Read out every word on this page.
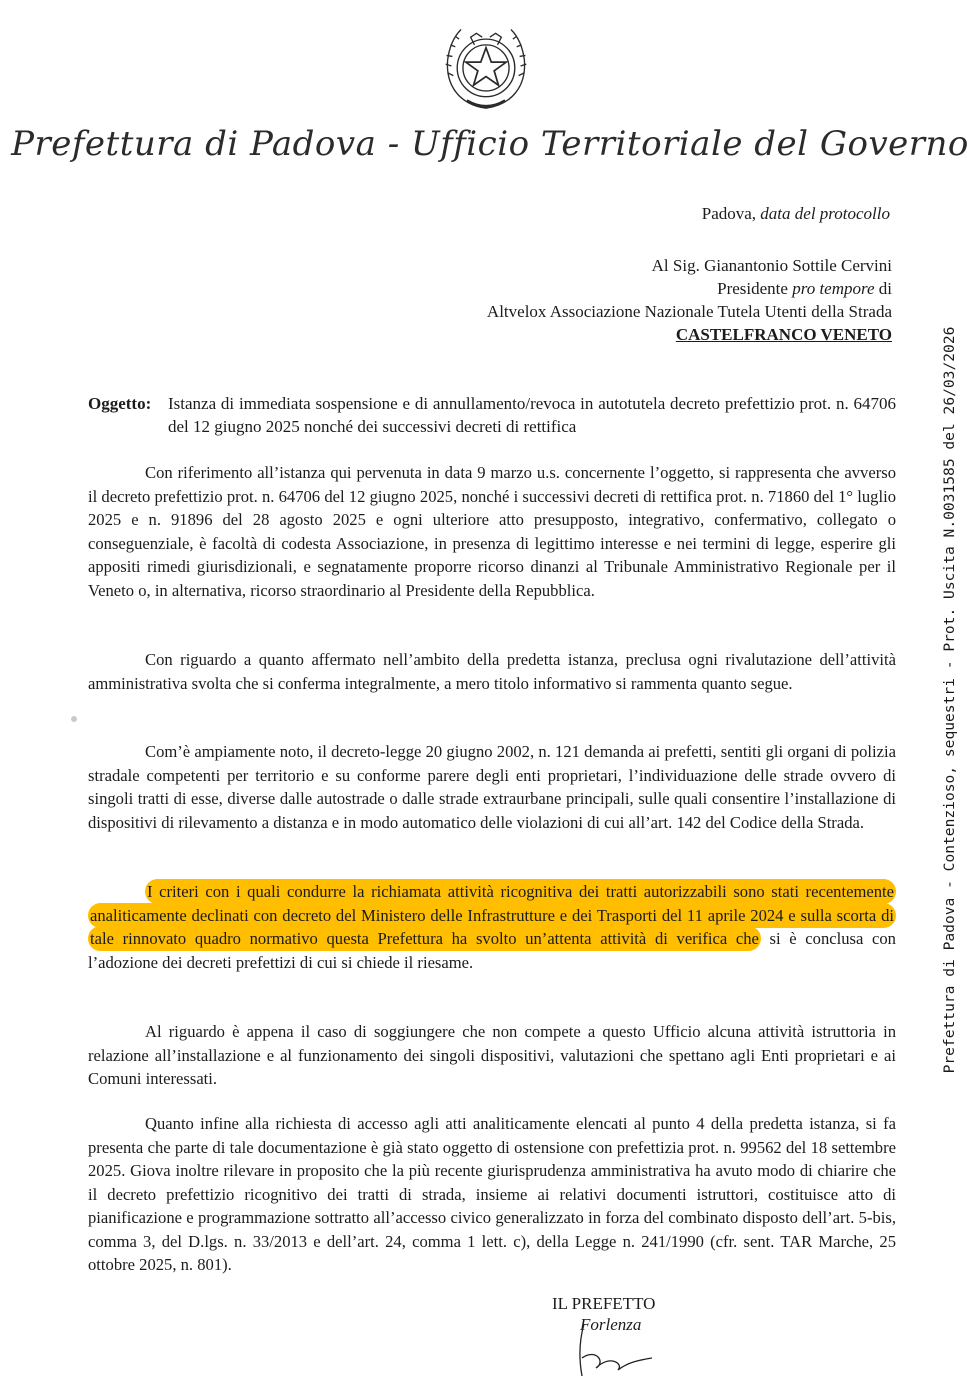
Prefettura di Padova - Ufficio Territoriale del Governo
Padova, data del protocollo
Al Sig. Gianantonio Sottile Cervini
Presidente pro tempore di
Altvelox Associazione Nazionale Tutela Utenti della Strada
CASTELFRANCO VENETO
Oggetto: Istanza di immediata sospensione e di annullamento/revoca in autotutela decreto prefettizio prot. n. 64706 del 12 giugno 2025 nonché dei successivi decreti di rettifica

Con riferimento all’istanza qui pervenuta in data 9 marzo u.s. concernente l’oggetto, si rappresenta che avverso il decreto prefettizio prot. n. 64706 del 12 giugno 2025, nonché i successivi decreti di rettifica prot. n. 71860 del 1° luglio 2025 e n. 91896 del 28 agosto 2025 e ogni ulteriore atto presupposto, integrativo, confermativo, collegato o conseguenziale, è facoltà di codesta Associazione, in presenza di legittimo interesse e nei termini di legge, esperire gli appositi rimedi giurisdizionali, e segnatamente proporre ricorso dinanzi al Tribunale Amministrativo Regionale per il Veneto o, in alternativa, ricorso straordinario al Presidente della Repubblica.

Con riguardo a quanto affermato nell’ambito della predetta istanza, preclusa ogni rivalutazione dell’attività amministrativa svolta che si conferma integralmente, a mero titolo informativo si rammenta quanto segue.

Com’è ampiamente noto, il decreto-legge 20 giugno 2002, n. 121 demanda ai prefetti, sentiti gli organi di polizia stradale competenti per territorio e su conforme parere degli enti proprietari, l’individuazione delle strade ovvero di singoli tratti di esse, diverse dalle autostrade o dalle strade extraurbane principali, sulle quali consentire l’installazione di dispositivi di rilevamento a distanza e in modo automatico delle violazioni di cui all’art. 142 del Codice della Strada.

I criteri con i quali condurre la richiamata attività ricognitiva dei tratti autorizzabili sono stati recentemente analiticamente declinati con decreto del Ministero delle Infrastrutture e dei Trasporti del 11 aprile 2024 e sulla scorta di tale rinnovato quadro normativo questa Prefettura ha svolto un’attenta attività di verifica che si è conclusa con l’adozione dei decreti prefettizi di cui si chiede il riesame.

Al riguardo è appena il caso di soggiungere che non compete a questo Ufficio alcuna attività istruttoria in relazione all’installazione e al funzionamento dei singoli dispositivi, valutazioni che spettano agli Enti proprietari e ai Comuni interessati.

Quanto infine alla richiesta di accesso agli atti analiticamente elencati al punto 4 della predetta istanza, si fa presenta che parte di tale documentazione è già stato oggetto di ostensione con prefettizia prot. n. 99562 del 18 settembre 2025. Giova inoltre rilevare in proposito che la più recente giurisprudenza amministrativa ha avuto modo di chiarire che il decreto prefettizio ricognitivo dei tratti di strada, insieme ai relativi documenti istruttori, costituisce atto di pianificazione e programmazione sottratto all’accesso civico generalizzato in forza del combinato disposto dell’art. 5-bis, comma 3, del D.lgs. n. 33/2013 e dell’art. 24, comma 1 lett. c), della Legge n. 241/1990 (cfr. sent. TAR Marche, 25 ottobre 2025, n. 801).

IL PREFETTO
Forlenza
Prefettura di Padova - Contenzioso, sequestri - Prot. Uscita N.0031585 del 26/03/2026
